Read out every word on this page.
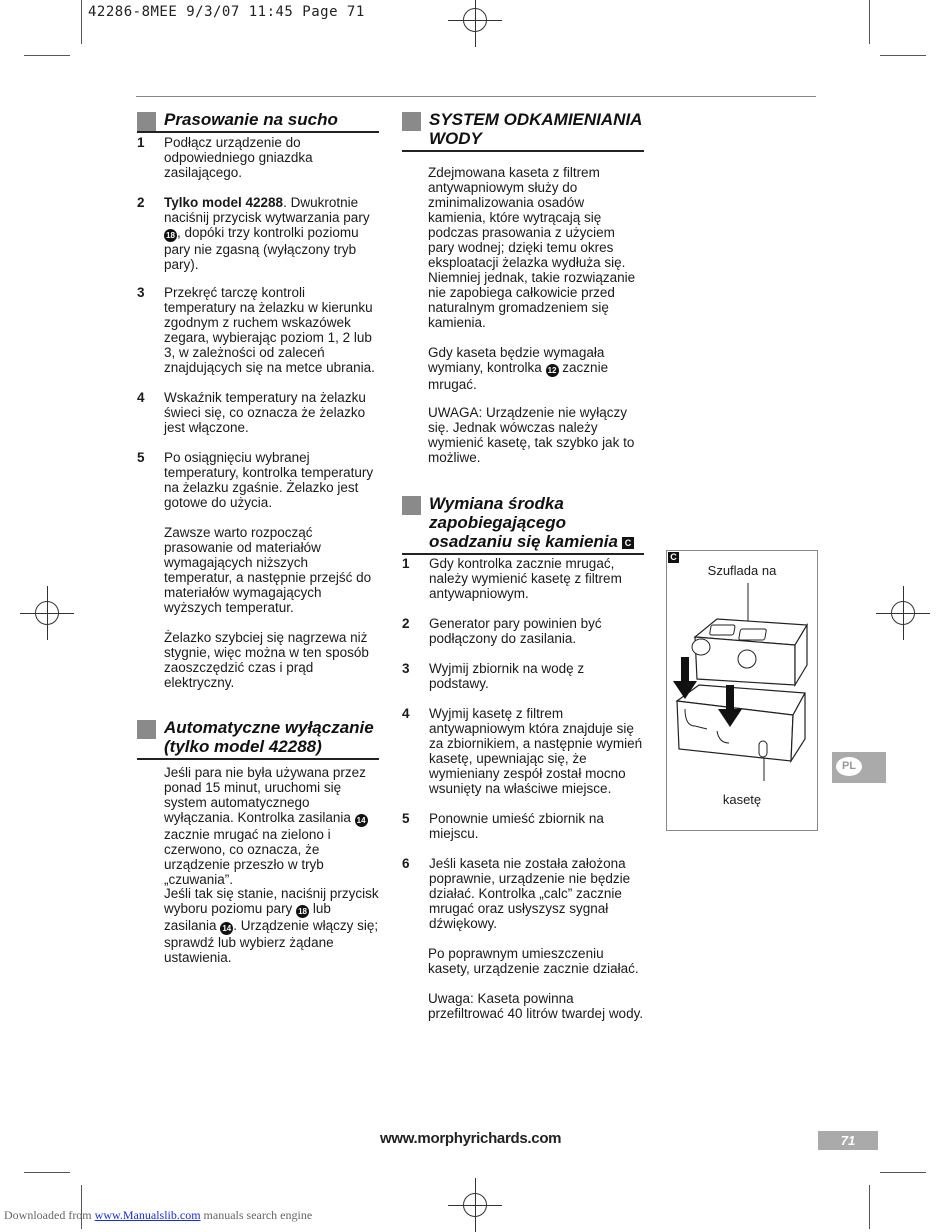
42286-8MEE 9/3/07 11:45 Page 71
Prasowanie na sucho
1 Podłącz urządzenie do odpowiedniego gniazdka zasilającego.
2 Tylko model 42288. Dwukrotnie naciśnij przycisk wytwarzania pary 18 , dopóki trzy kontrolki poziomu pary nie zgasną (wyłączony tryb pary).
3 Przekręć tarczę kontroli temperatury na żelazku w kierunku zgodnym z ruchem wskazówek zegara, wybierając poziom 1, 2 lub 3, w zależności od zaleceń znajdujących się na metce ubrania.
4 Wskaźnik temperatury na żelazku świeci się, co oznacza że żelazko jest włączone.
5 Po osiągnięciu wybranej temperatury, kontrolka temperatury na żelazku zgaśnie. Żelazko jest gotowe do użycia.
Zawsze warto rozpocząć prasowanie od materiałów wymagających niższych temperatur, a następnie przejść do materiałów wymagających wyższych temperatur.
Żelazko szybciej się nagrzewa niż stygnie, więc można w ten sposób zaoszczędzić czas i prąd elektryczny.
Automatyczne wyłączanie (tylko model 42288)
Jeśli para nie była używana przez ponad 15 minut, uruchomi się system automatycznego wyłączania. Kontrolka zasilania 14 zacznie mrugać na zielono i czerwono, co oznacza, że urządzenie przeszło w tryb „czuwania”.
Jeśli tak się stanie, naciśnij przycisk wyboru poziomu pary 18 lub zasilania 14 . Urządzenie włączy się; sprawdź lub wybierz żądane ustawienia.
SYSTEM ODKAMIENIANIA WODY
Zdejmowana kaseta z filtrem antywapniowym służy do zminimalizowania osadów kamienia, które wytrącają się podczas prasowania z użyciem pary wodnej; dzięki temu okres eksploatacji żelazka wydłuża się. Niemniej jednak, takie rozwiązanie nie zapobiega całkowicie przed naturalnym gromadzeniem się kamienia.
Gdy kaseta będzie wymagała wymiany, kontrolka 12 zacznie mrugać.
UWAGA: Urządzenie nie wyłączy się. Jednak wówczas należy wymienić kasetę, tak szybko jak to możliwe.
Wymiana środka zapobiegającego osadzaniu się kamienia C
1 Gdy kontrolka zacznie mrugać, należy wymienić kasetę z filtrem antywapniowym.
2 Generator pary powinien być podłączony do zasilania.
3 Wyjmij zbiornik na wodę z podstawy.
4 Wyjmij kasetę z filtrem antywapniowym która znajduje się za zbiornikiem, a następnie wymień kasetę, upewniając się, że wymieniany zespół został mocno wsunięty na właściwe miejsce.
5 Ponownie umieść zbiornik na miejscu.
6 Jeśli kaseta nie została założona poprawnie, urządzenie nie będzie działać. Kontrolka „calc” zacznie mrugać oraz usłyszysz sygnał dźwiękowy.
Po poprawnym umieszczeniu kasety, urządzenie zacznie działać.
Uwaga: Kaseta powinna przefiltrować 40 litrów twardej wody.
C
Szuflada na
kasetę
PL
www.morphyrichards.com	71
Downloaded from www.Manualslib.com manuals search engine
